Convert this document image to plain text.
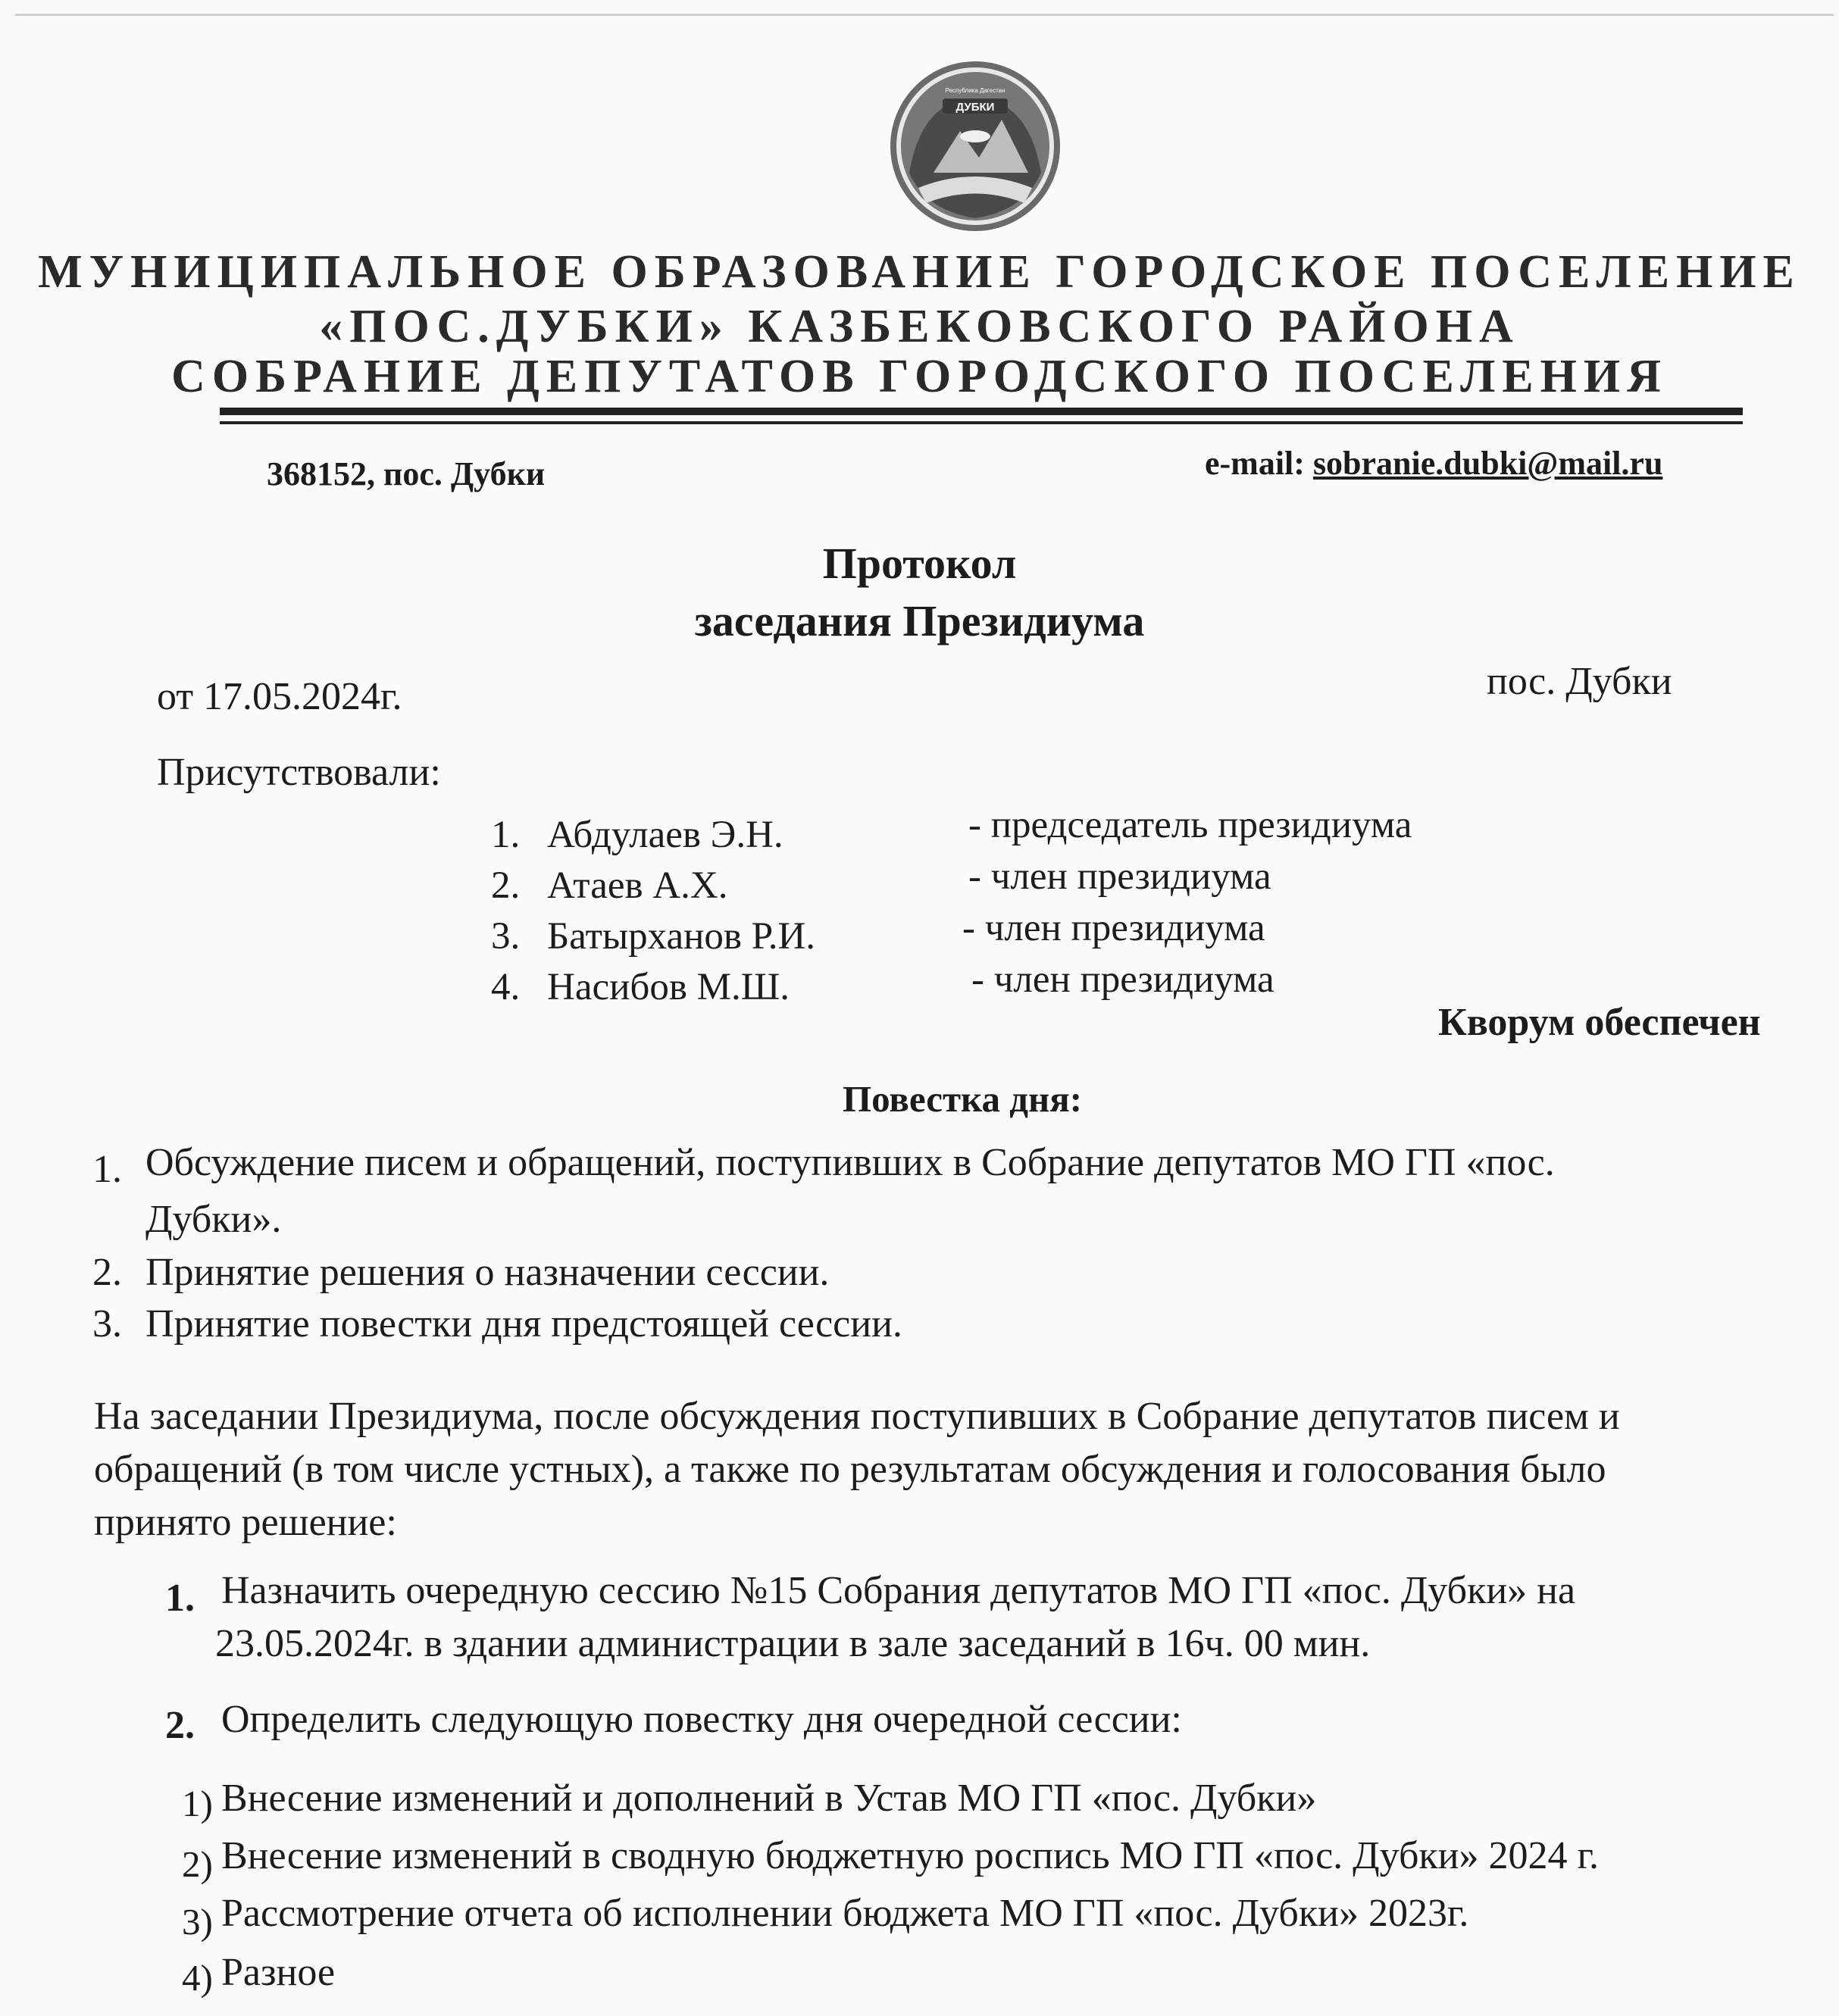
ДУБКИ
Республика Дагестан
МУНИЦИПАЛЬНОЕ ОБРАЗОВАНИЕ ГОРОДСКОЕ ПОСЕЛЕНИЕ
«ПОС.ДУБКИ» КАЗБЕКОВСКОГО РАЙОНА
СОБРАНИЕ ДЕПУТАТОВ ГОРОДСКОГО ПОСЕЛЕНИЯ
368152, пос. Дубки	e-mail: sobranie.dubki@mail.ru
Протокол
заседания Президиума
от 17.05.2024г.	пос. Дубки
Присутствовали:
1. Абдулаев Э.Н.	- председатель президиума
2. Атаев А.Х.	- член президиума
3. Батырханов Р.И.	- член президиума
4. Насибов М.Ш.	- член президиума
Кворум обеспечен
Повестка дня:
1. Обсуждение писем и обращений, поступивших в Собрание депутатов МО ГП «пос.
Дубки».
2. Принятие решения о назначении сессии.
3. Принятие повестки дня предстоящей сессии.
На заседании Президиума, после обсуждения поступивших в Собрание депутатов писем и
обращений (в том числе устных), а также по результатам обсуждения и голосования было
принято решение:
1. Назначить очередную сессию №15 Собрания депутатов МО ГП «пос. Дубки» на
23.05.2024г. в здании администрации в зале заседаний в 16ч. 00 мин.
2. Определить следующую повестку дня очередной сессии:
1) Внесение изменений и дополнений в Устав МО ГП «пос. Дубки»
2) Внесение изменений в сводную бюджетную роспись МО ГП «пос. Дубки» 2024 г.
3) Рассмотрение отчета об исполнении бюджета МО ГП «пос. Дубки» 2023г.
4) Разное
